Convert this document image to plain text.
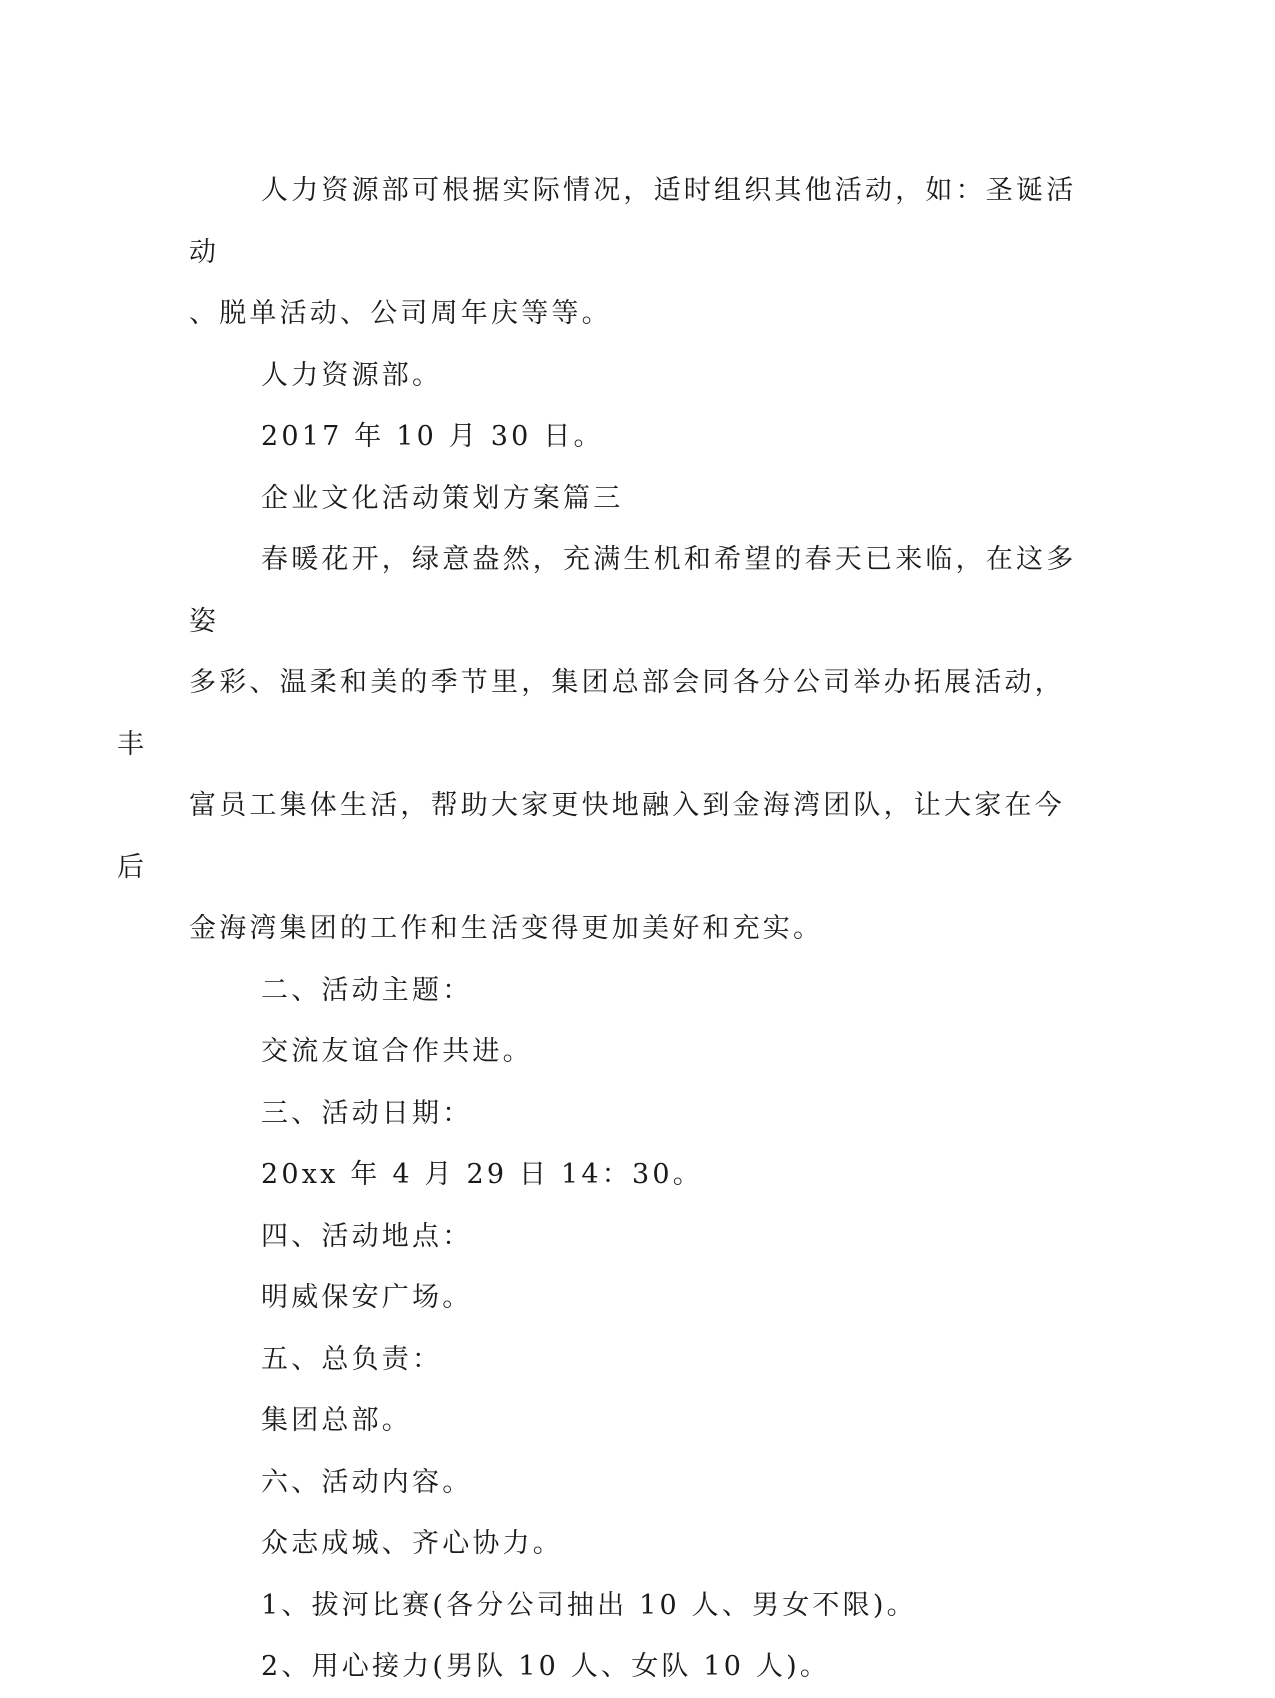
人力资源部可根据实际情况，适时组织其他活动，如：圣诞活动
、脱单活动、公司周年庆等等。

人力资源部。

2017 年 10 月 30 日。

企业文化活动策划方案篇三

春暖花开，绿意盎然，充满生机和希望的春天已来临，在这多姿
多彩、温柔和美的季节里，集团总部会同各分公司举办拓展活动，丰
富员工集体生活，帮助大家更快地融入到金海湾团队，让大家在今后
金海湾集团的工作和生活变得更加美好和充实。

二、活动主题：

交流友谊合作共进。

三、活动日期：

20xx 年 4 月 29 日 14：30。

四、活动地点：

明威保安广场。

五、总负责：

集团总部。

六、活动内容。

众志成城、齐心协力。

1、拔河比赛(各分公司抽出 10 人、男女不限)。

2、用心接力(男队 10 人、女队 10 人)。
